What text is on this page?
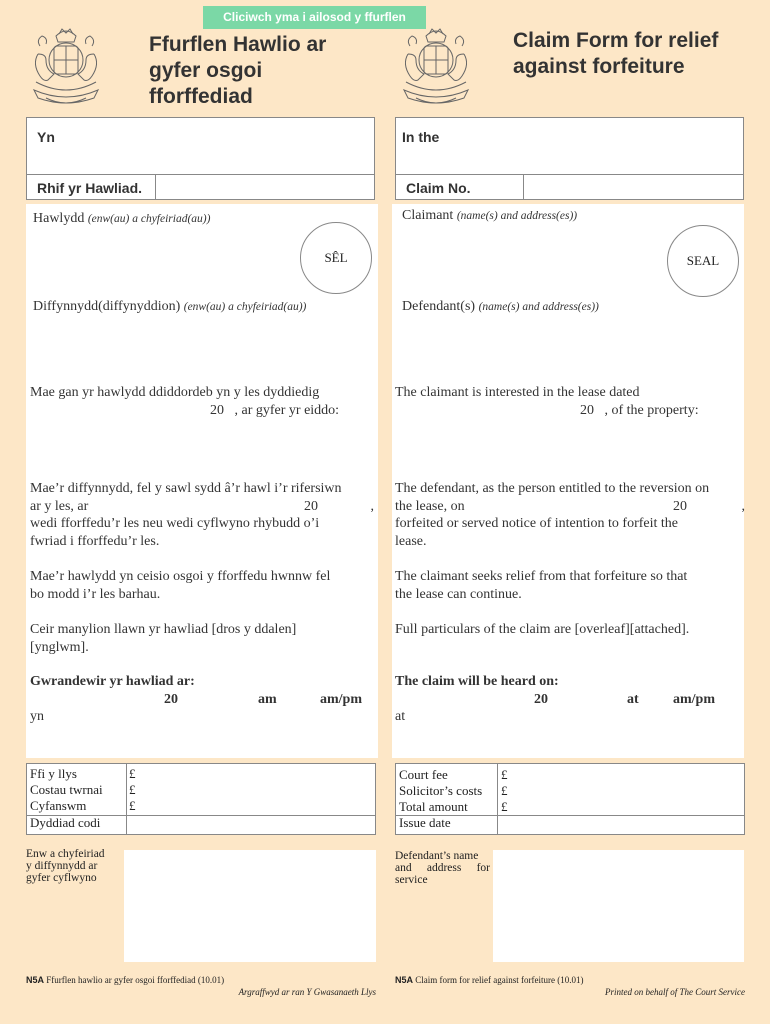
Cliciwch yma i ailosod y ffurflen
Ffurflen Hawlio ar
gyfer osgoi
fforffediad
Claim Form for relief
against forfeiture
Yn	In the
Rhif yr Hawliad.	Claim No.
Hawlydd (enw(au) a chyfeiriad(au))	Claimant (name(s) and address(es))
SÊL	SEAL
Diffynnydd(diffynyddion) (enw(au) a chyfeiriad(au))	Defendant(s) (name(s) and address(es))
Mae gan yr hawlydd ddiddordeb yn y les dyddiedig
20 , ar gyfer yr eiddo:
The claimant is interested in the lease dated
20 , of the property:
Mae’r diffynnydd, fel y sawl sydd â’r hawl i’r rifersiwn
ar y les, ar	20	,
wedi fforffedu’r les neu wedi cyflwyno rhybudd o’i
fwriad i fforffedu’r les.
The defendant, as the person entitled to the reversion on
the lease, on	20	,
forfeited or served notice of intention to forfeit the
lease.
Mae’r hawlydd yn ceisio osgoi y fforffedu hwnnw fel
bo modd i’r les barhau.
The claimant seeks relief from that forfeiture so that
the lease can continue.
Ceir manylion llawn yr hawliad [dros y ddalen]
[ynglwm].
Full particulars of the claim are [overleaf][attached].
Gwrandewir yr hawliad ar:
20	am	am/pm
yn
The claim will be heard on:
20	at am/pm
at
Ffi y llys	£
Costau twrnai £
Cyfanswm	£
Dyddiad codi
Court fee	£
Solicitor’s costs £
Total amount	£
Issue date
Enw a chyfeiriad
y diffynnydd ar
gyfer cyflwyno
Defendant’s name
and address for
service
N5A Ffurflen hawlio ar gyfer osgoi fforffediad (10.01)
Argraffwyd ar ran Y Gwasanaeth Llys
N5A Claim form for relief against forfeiture (10.01)
Printed on behalf of The Court Service
